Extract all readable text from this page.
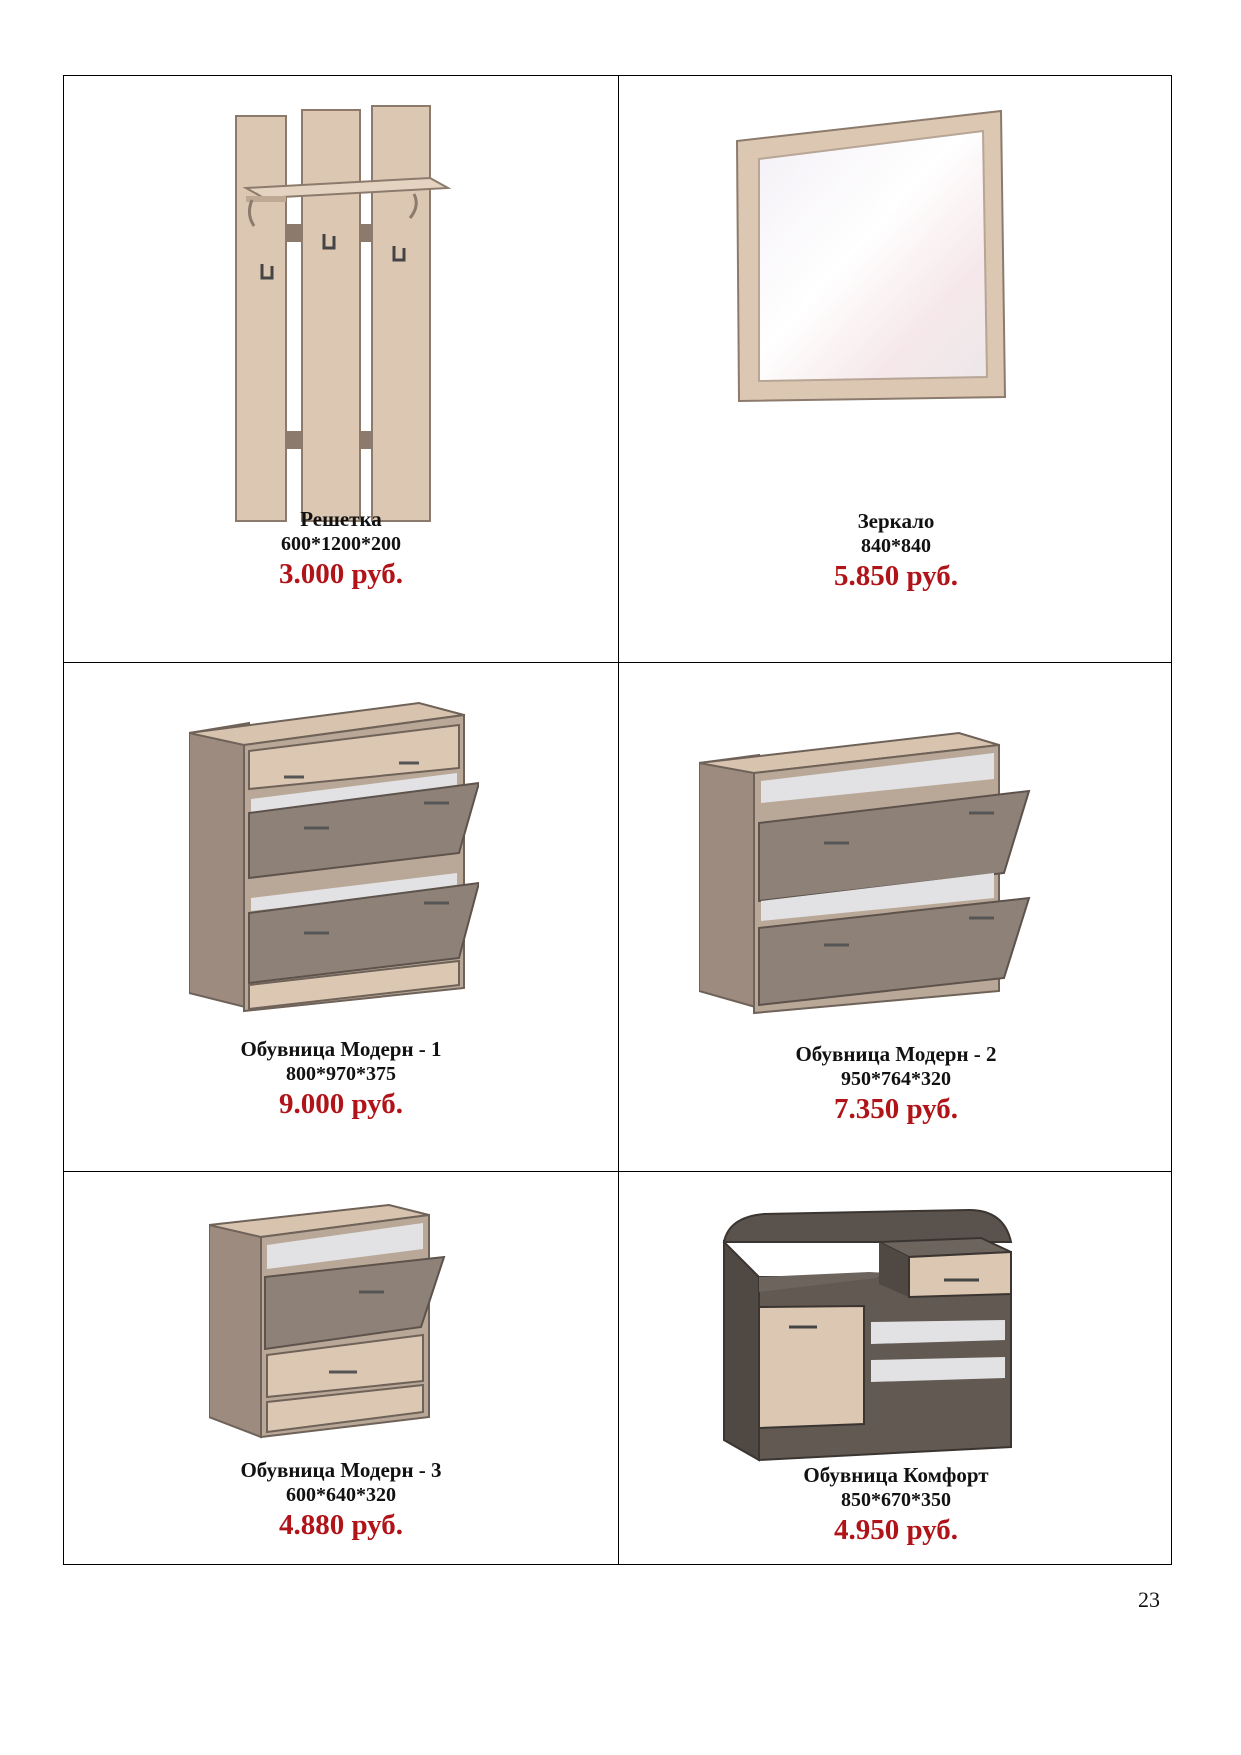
Решетка
600*1200*200
3.000 руб.
Зеркало
840*840
5.850 руб.
Обувница Модерн - 1
800*970*375
9.000 руб.
Обувница Модерн - 2
950*764*320
7.350 руб.
Обувница Модерн - 3
600*640*320
4.880 руб.
Обувница Комфорт
850*670*350
4.950 руб.
23
